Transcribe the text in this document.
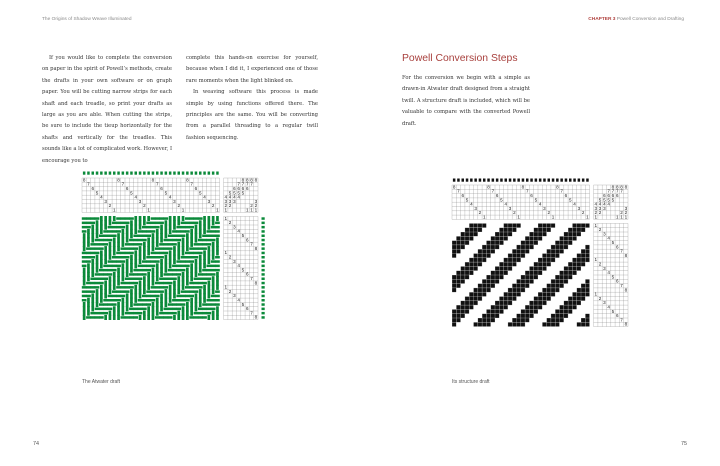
The Origins of Shadow Weave Illuminated

If you would like to complete the conversion on paper in the spirit of Powell’s methods, create the drafts in your own software or on graph paper. You will be cutting narrow strips for each shaft and each treadle, so print your drafts as large as you are able. When cutting the strips, be sure to include the tieup horizontally for the shafts and vertically for the treadles. This sounds like a lot of complicated work. However, I encourage you to

complete this hands-on exercise for yourself, because when I did it, I experienced one of those rare moments when the light blinked on.

In weaving software this process is made simple by using functions offered there. The principles are the same. You will be converting from a parallel threading to a regular twill fashion sequencing.

8
7
6
5
4
3
2
1
8
7
6
5
4
3
2
1
8
7
6
5
4
3
2
1
8
7
6
5
4
3
2
1
8 8 8 8
7 7 7 7
6 6 6 6
5 5 5 5
4 4 4 4
3 3 3	3
2 2	2 2
1	1 1 1
1
2
3
4
5
6
7
8
1
2
3
4
5
6
7
8
1
2
3
4
5
6
7
8
The Atwater draft
74
CHAPTER 3 Powell Conversion and Drafting
Powell Conversion Steps

For the conversion we begin with a simple as drawn-in Atwater draft designed from a straight twill. A structure draft is included, which will be valuable to compare with the converted Powell draft.

8
7
6
5
4
3
2
1
8
7
6
5
4
3
2
1
8
7
6
5
4
3
2
1
8
7
6
5
4
3
2
1
8 8 8 8
7 7 7 7
6 6 6 6
5 5 5 5
4 4 4 4
3 3 3	3
2 2	2 2
1	1 1 1
1
2
3
4
5
6
7
8
1
2
3
4
5
6
7
8
1
2
3
4
5
6
7
8
Its structure draft
75
